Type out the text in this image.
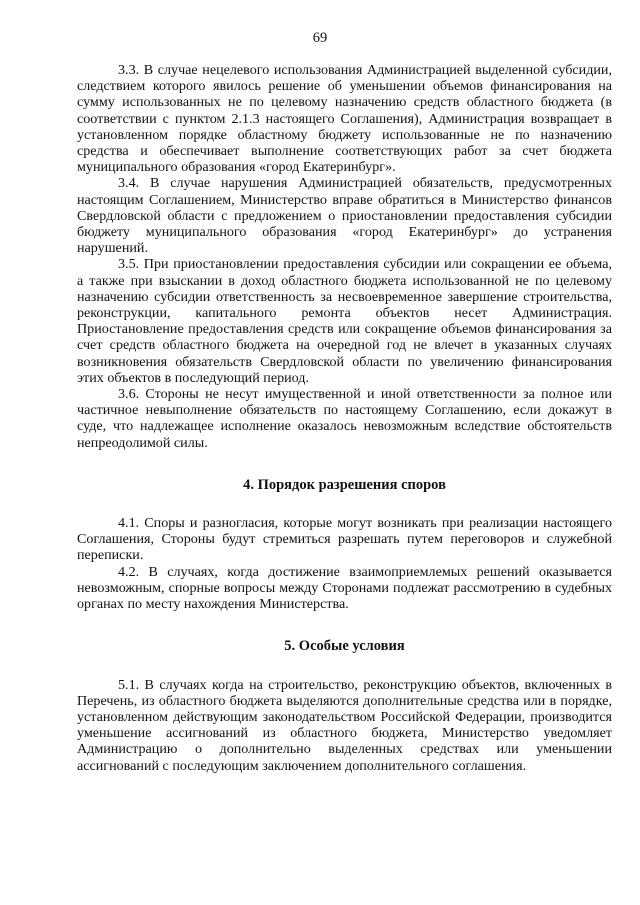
69

3.3. В случае нецелевого использования Администрацией выделенной субсидии, следствием которого явилось решение об уменьшении объемов финансирования на сумму использованных не по целевому назначению средств областного бюджета (в соответствии с пунктом 2.1.3 настоящего Соглашения), Администрация возвращает в установленном порядке областному бюджету использованные не по назначению средства и обеспечивает выполнение соответствующих работ за счет бюджета муниципального образования «город Екатеринбург».

3.4. В случае нарушения Администрацией обязательств, предусмотренных настоящим Соглашением, Министерство вправе обратиться в Министерство финансов Свердловской области с предложением о приостановлении предоставления субсидии бюджету муниципального образования «город Екатеринбург» до устранения нарушений.

3.5. При приостановлении предоставления субсидии или сокращении ее объема, а также при взыскании в доход областного бюджета использованной не по целевому назначению субсидии ответственность за несвоевременное завершение строительства, реконструкции, капитального ремонта объектов несет Администрация. Приостановление предоставления средств или сокращение объемов финансирования за счет средств областного бюджета на очередной год не влечет в указанных случаях возникновения обязательств Свердловской области по увеличению финансирования этих объектов в последующий период.

3.6. Стороны не несут имущественной и иной ответственности за полное или частичное невыполнение обязательств по настоящему Соглашению, если докажут в суде, что надлежащее исполнение оказалось невозможным вследствие обстоятельств непреодолимой силы.

4. Порядок разрешения споров

4.1. Споры и разногласия, которые могут возникать при реализации настоящего Соглашения, Стороны будут стремиться разрешать путем переговоров и служебной переписки.

4.2. В случаях, когда достижение взаимоприемлемых решений оказывается невозможным, спорные вопросы между Сторонами подлежат рассмотрению в судебных органах по месту нахождения Министерства.

5. Особые условия

5.1. В случаях когда на строительство, реконструкцию объектов, включенных в Перечень, из областного бюджета выделяются дополнительные средства или в порядке, установленном действующим законодательством Российской Федерации, производится уменьшение ассигнований из областного бюджета, Министерство уведомляет Администрацию о дополнительно выделенных средствах или уменьшении ассигнований с последующим заключением дополнительного соглашения.
